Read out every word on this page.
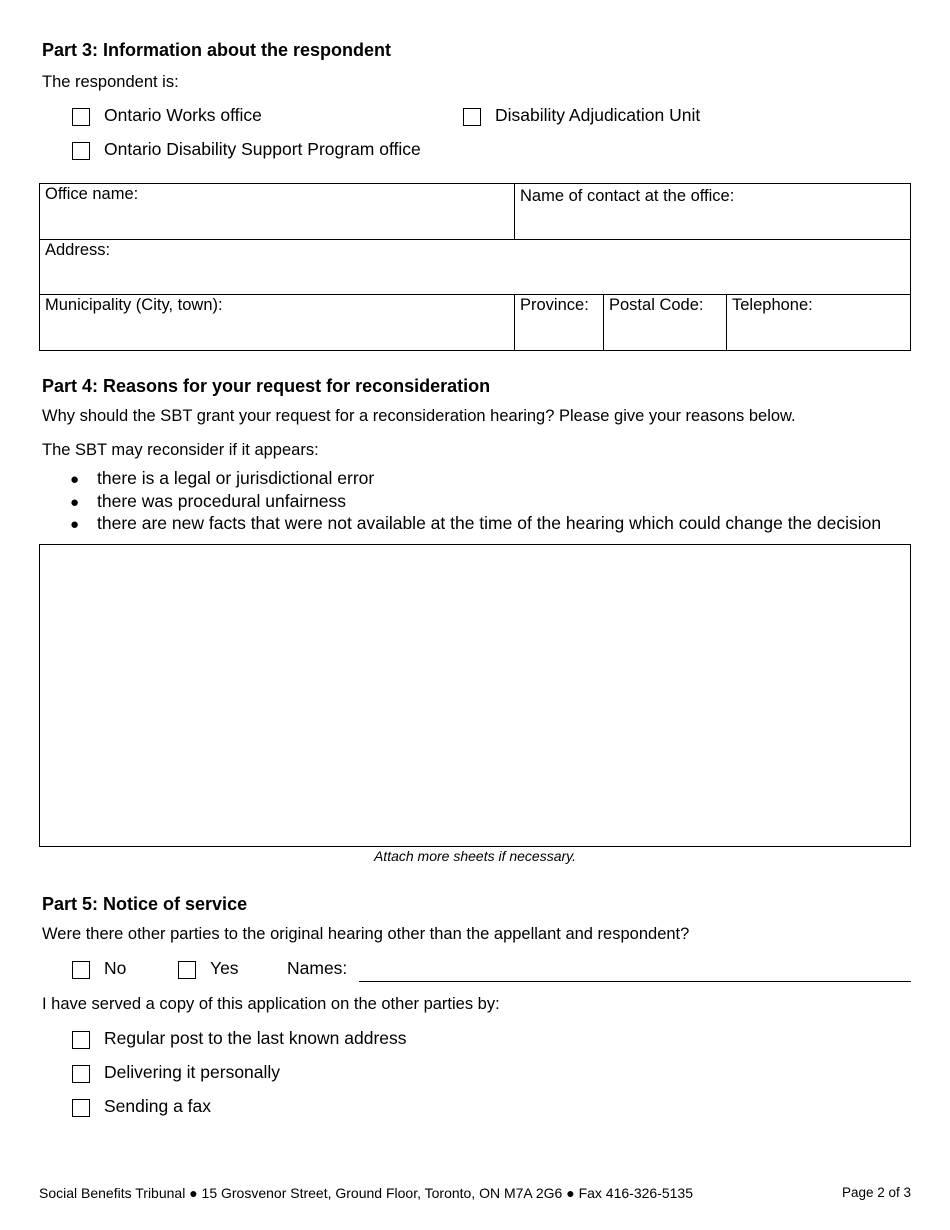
Part 3: Information about the respondent
The respondent is:
Ontario Works office	Disability Adjudication Unit
Ontario Disability Support Program office
Office name:	Name of contact at the office:
Address:
Municipality (City, town):	Province:	Postal Code:	Telephone:
Part 4: Reasons for your request for reconsideration
Why should the SBT grant your request for a reconsideration hearing? Please give your reasons below.
The SBT may reconsider if it appears:
● there is a legal or jurisdictional error
● there was procedural unfairness
● there are new facts that were not available at the time of the hearing which could change the decision
Attach more sheets if necessary.
Part 5: Notice of service
Were there other parties to the original hearing other than the appellant and respondent?
No	Yes	Names:
I have served a copy of this application on the other parties by:
Regular post to the last known address
Delivering it personally
Sending a fax
Social Benefits Tribunal ● 15 Grosvenor Street, Ground Floor, Toronto, ON M7A 2G6 ● Fax 416-326-5135	Page 2 of 3
